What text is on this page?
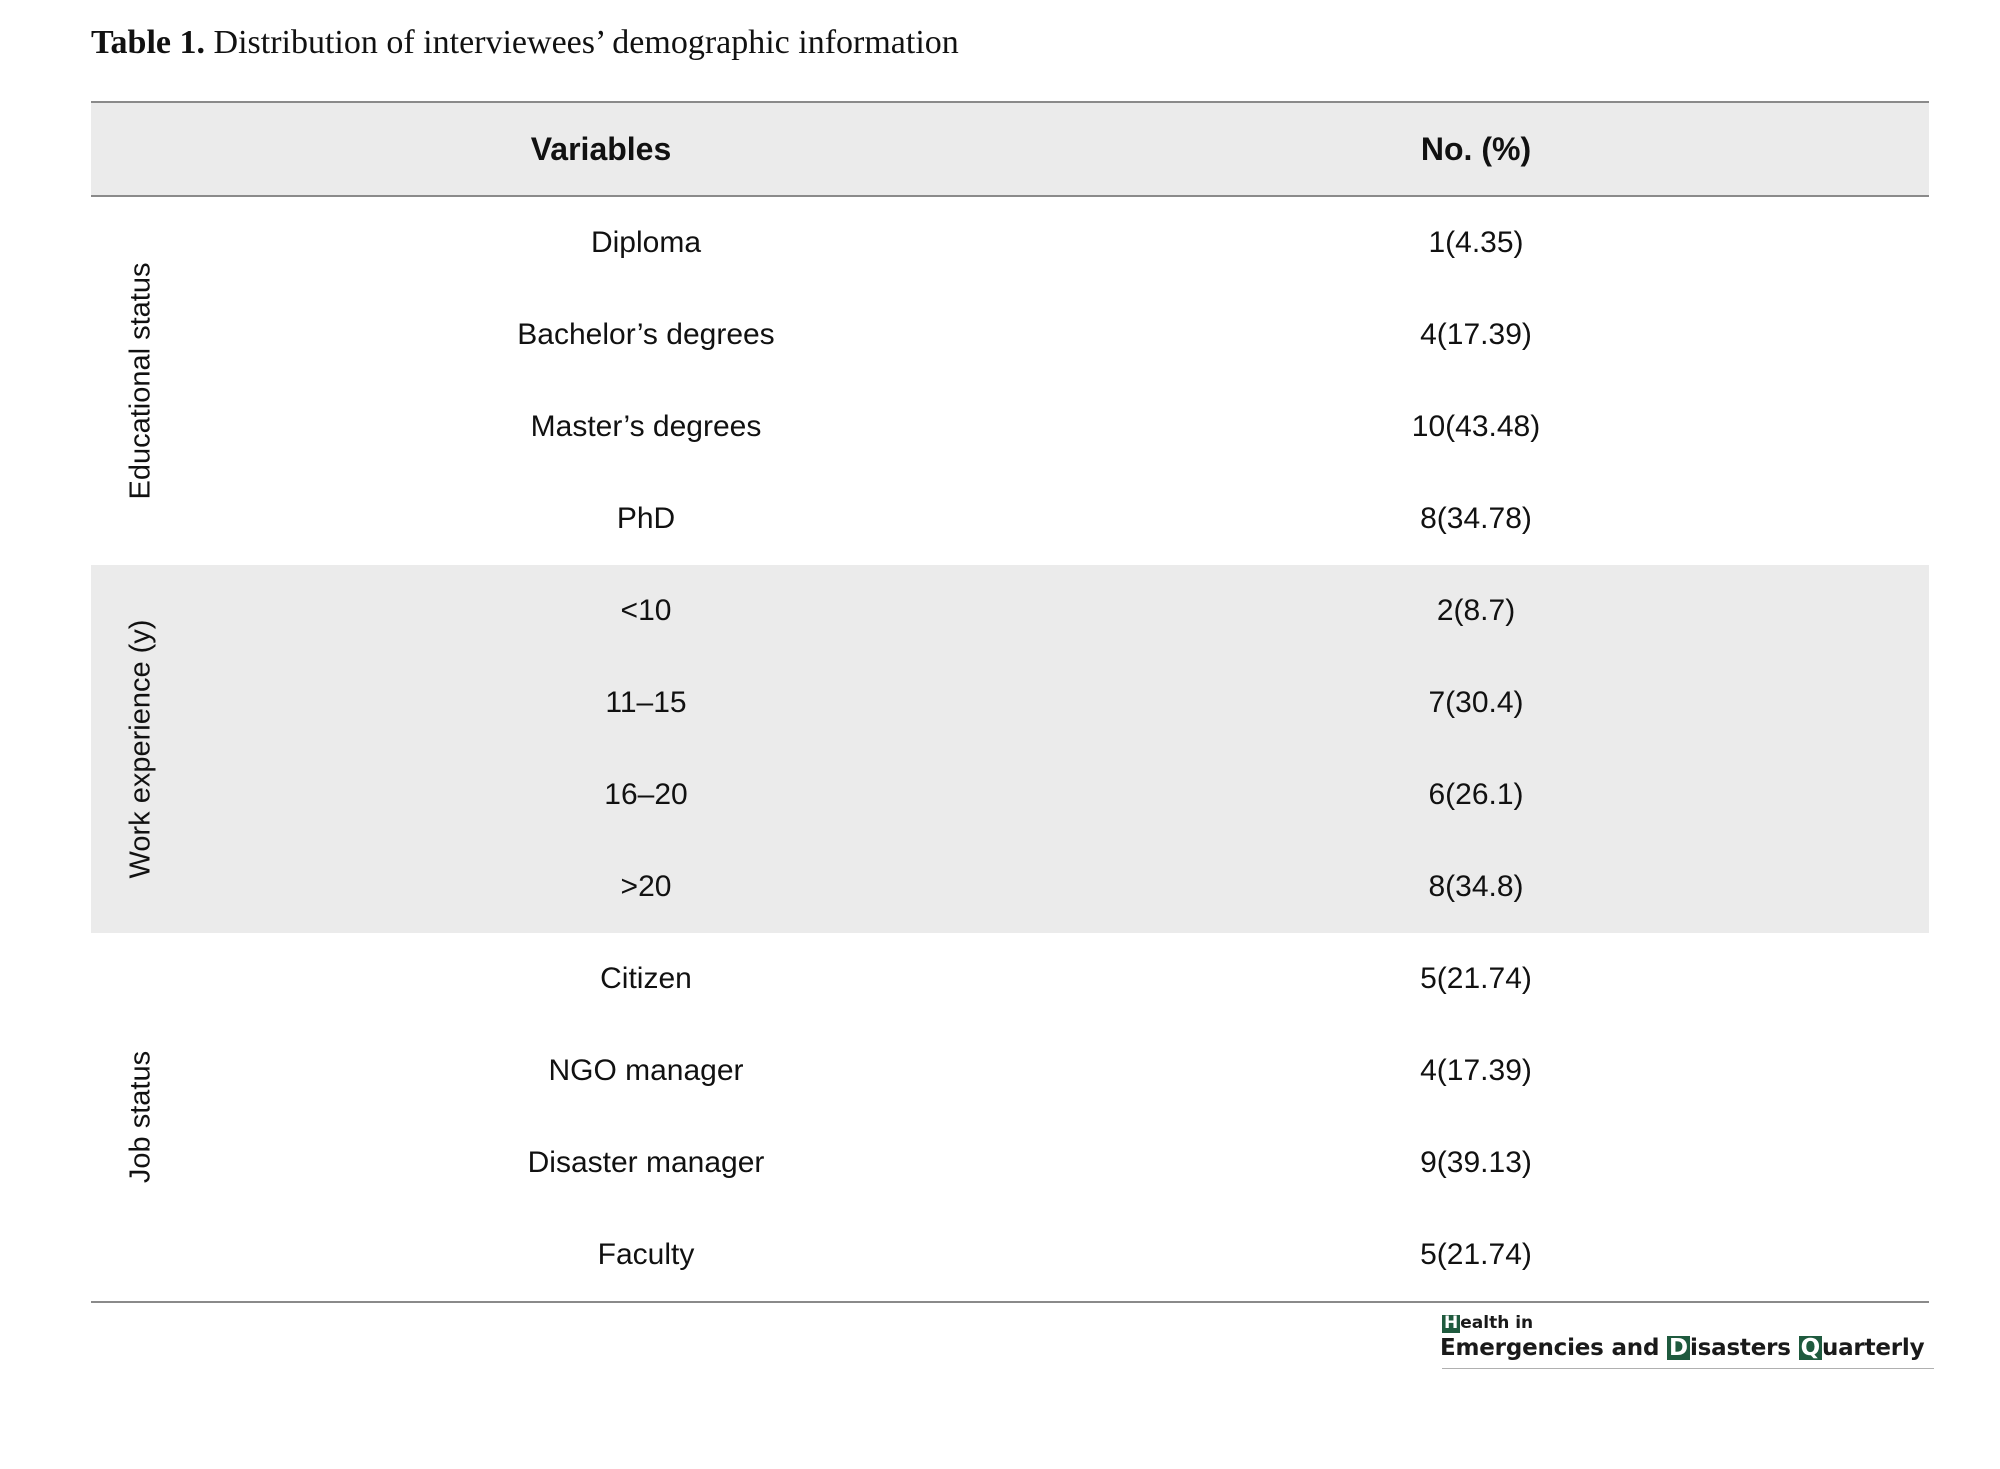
Table 1. Distribution of interviewees’ demographic information
Variables	No. (%)
Educational status
Diploma	1(4.35)
Bachelor’s degrees	4(17.39)
Master’s degrees	10(43.48)
PhD	8(34.78)
Work experience (y)
<10	2(8.7)
11–15	7(30.4)
16–20	6(26.1)
>20	8(34.8)
Job status
Citizen	5(21.74)
NGO manager	4(17.39)
Disaster manager	9(39.13)
Faculty	5(21.74)
H ealth in
Emergencies and Disasters Quarterly
